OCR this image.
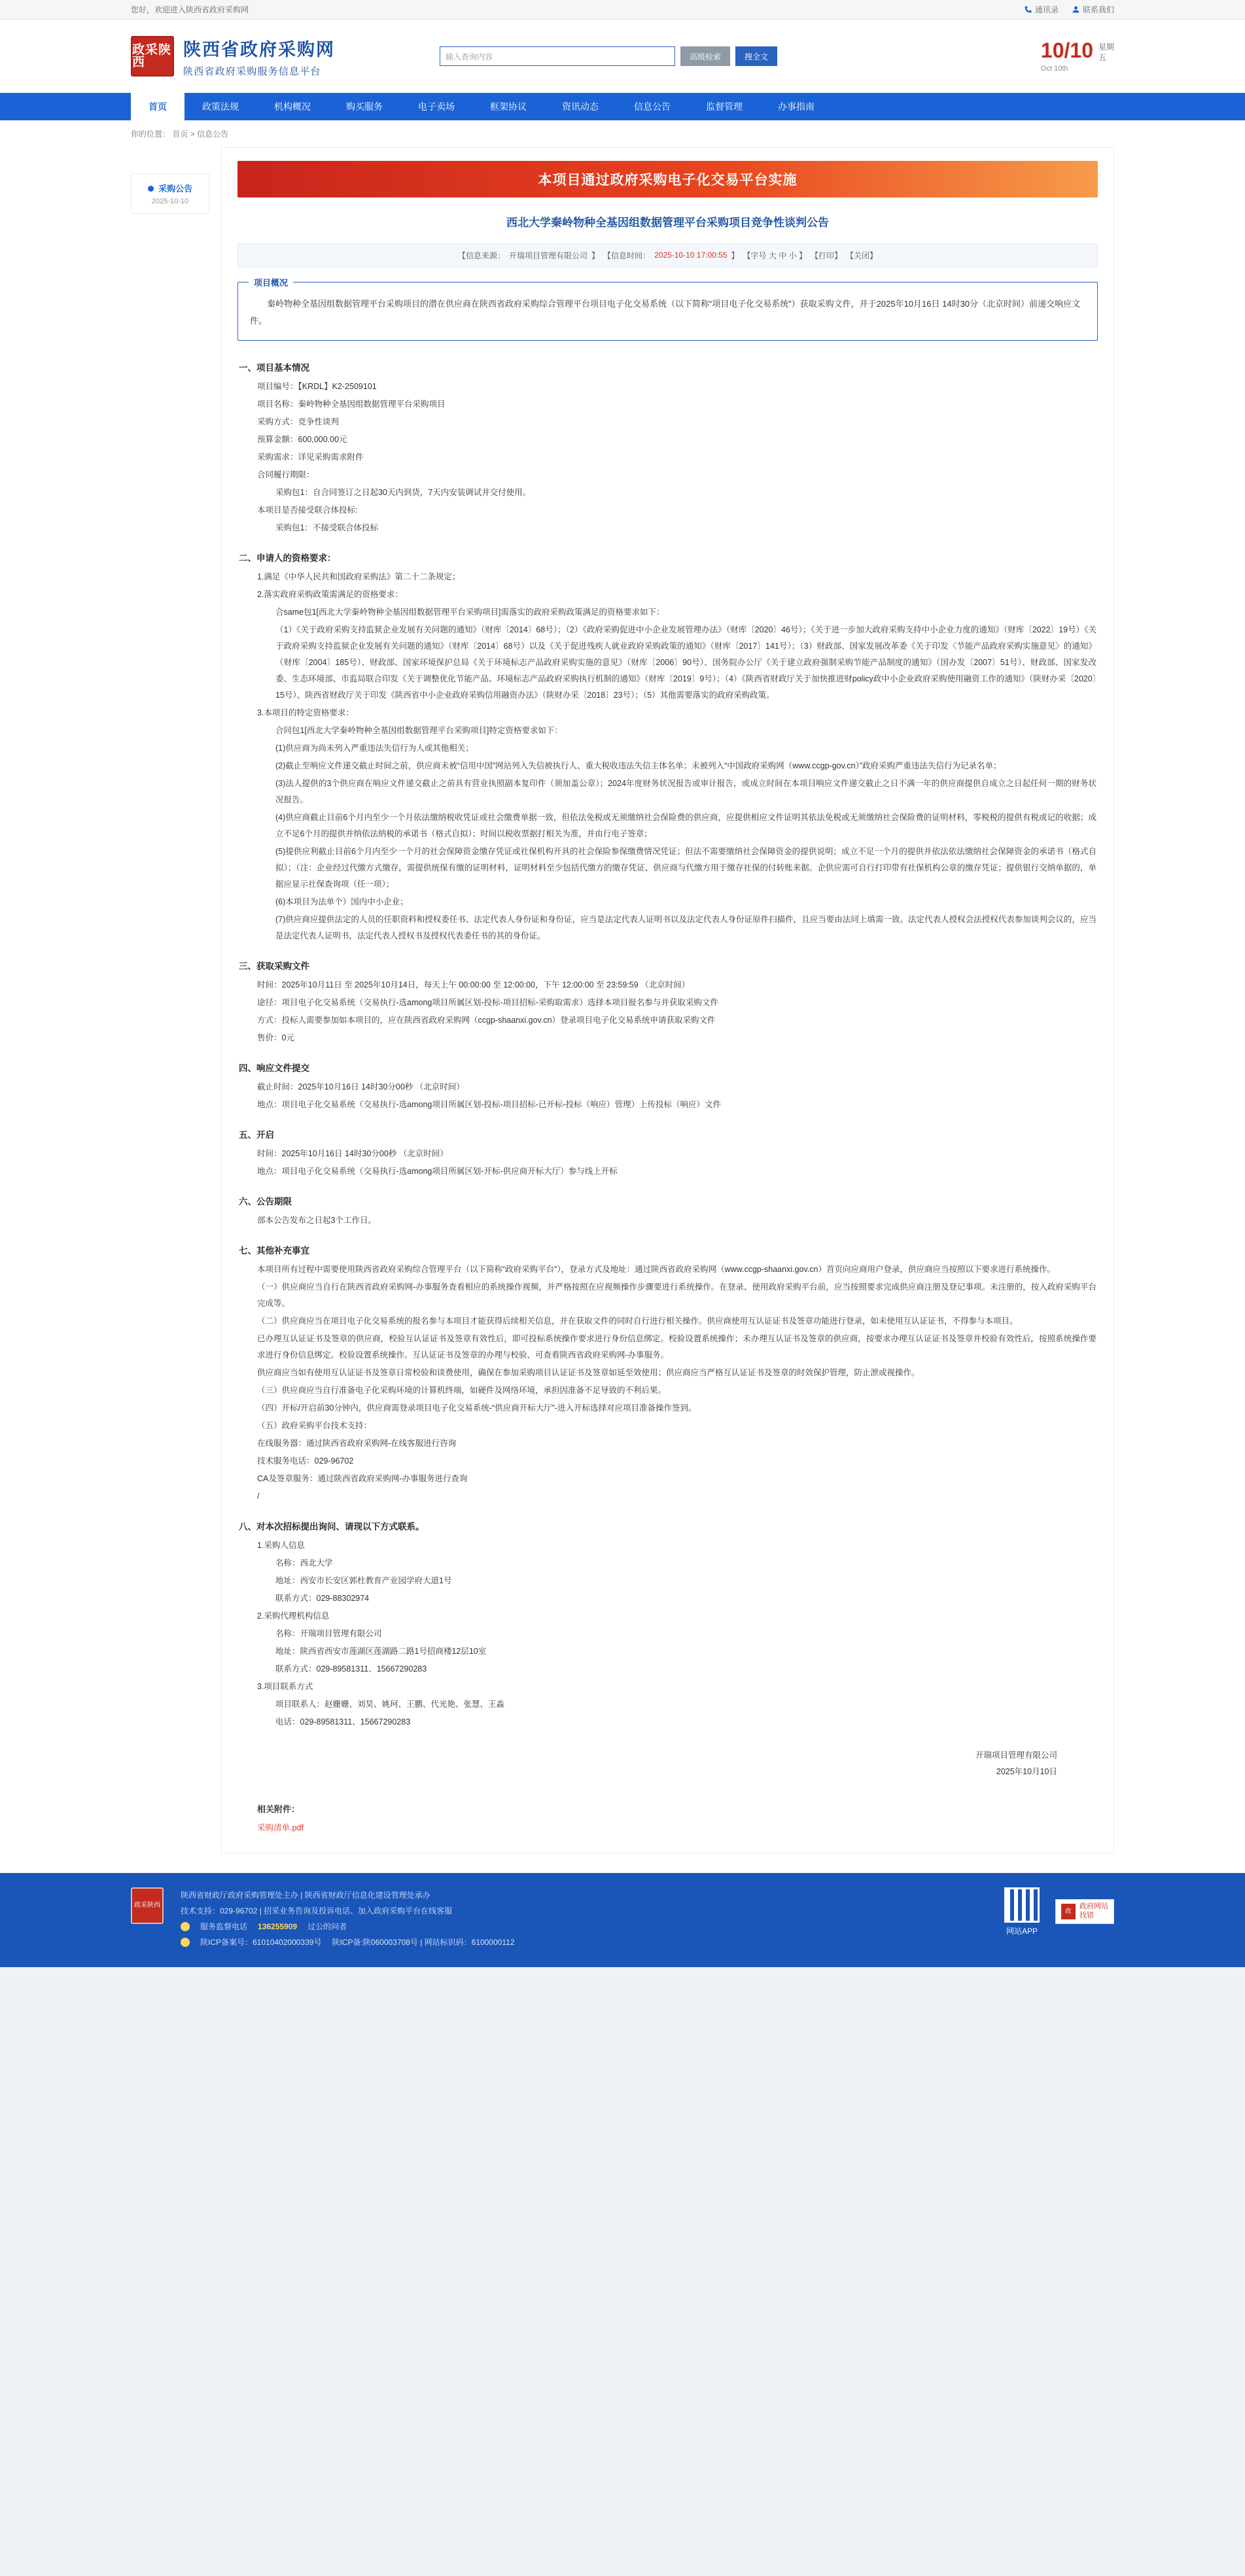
您好，欢迎进入陕西省政府采购网	通讯录	联系我们
政采陕西
陕西省政府采购网
陕西省政府采购服务信息平台
输入查询内容	高级检索	搜全文	10/10
Oct 10th
星期
五
首页	政策法规	机构概况	购买服务	电子卖场	框架协议	资讯动态	信息公告	监督管理	办事指南
你的位置： 首页 > 信息公告
采购公告
2025-10-10
本项目通过政府采购电子化交易平台实施
西北大学秦岭物种全基因组数据管理平台采购项目竞争性谈判公告
【信息来源： 开瑞项目管理有限公司 】 【信息时间： 2025-10-10 17:00:55 】 【字号 大 中 小 】 【打印】 【关闭】
项目概况

秦岭物种全基因组数据管理平台采购项目的潜在供应商在陕西省政府采购综合管理平台项目电子化交易系统（以下简称“项目电子化交易系统”）获取采购文件，并于2025年10月16日 14时30分（北京时间）前递交响应文件。

一、项目基本情况
项目编号：【KRDL】K2-2509101
项目名称：秦岭物种全基因组数据管理平台采购项目
采购方式：竞争性谈判
预算金额：600,000.00元
采购需求：详见采购需求附件
合同履行期限：
采购包1：自合同签订之日起30天内到货，7天内安装调试并交付使用。
本项目是否接受联合体投标:
采购包1：不接受联合体投标
二、申请人的资格要求：
1.满足《中华人民共和国政府采购法》第二十二条规定；
2.落实政府采购政策需满足的资格要求：
合same包1[西北大学秦岭物种全基因组数据管理平台采购项目]需落实的政府采购政策满足的资格要求如下：
（1）《关于政府采购支持监狱企业发展有关问题的通知》（财库〔2014〕68号）；（2）《政府采购促进中小企业发展管理办法》（财库〔2020〕46号）；《关于进一步加大政府采购支持中小企业力度的通知》（财库〔2022〕19号）《关于政府采购支持监狱企业发展有关问题的通知》（财库〔2014〕68号）以及《关于促进残疾人就业政府采购政策的通知》（财库〔2017〕141号）；（3）财政部、国家发展改革委《关于印发〈节能产品政府采购实施意见〉的通知》（财库〔2004〕185号）、财政部、国家环境保护总局《关于环境标志产品政府采购实施的意见》（财库〔2006〕90号）、国务院办公厅《关于建立政府强制采购节能产品制度的通知》（国办发〔2007〕51号）、财政部、国家发改委、生态环境部、市监局联合印发《关于调整优化节能产品、环境标志产品政府采购执行机制的通知》（财库〔2019〕9号）；（4）《陕西省财政厅关于加快推进财policy政中小企业政府采购使用融资工作的通知》（陕财办采〔2020〕15号）、陕西省财政厅关于印发《陕西省中小企业政府采购信用融资办法》（陕财办采〔2018〕23号）；（5）其他需要落实的政府采购政策。
3.本项目的特定资格要求：
合同包1[西北大学秦岭物种全基因组数据管理平台采购项目]特定资格要求如下：
(1)供应商为尚未列入严重违法失信行为人或其他相关；
(2)截止至响应文件递交截止时间之前，供应商未被“信用中国”网站列入失信被执行人、重大税收违法失信主体名单；未被列入“中国政府采购网（www.ccgp-gov.cn）”政府采购严重违法失信行为记录名单；
(3)法人提供的3个供应商在响应文件递交截止之前具有营业执照副本复印件（须加盖公章）；2024年度财务状况报告或审计报告，或成立时间在本项目响应文件递交截止之日不满一年的供应商提供自成立之日起任何一期的财务状况报告。
(4)供应商截止目前6个月内至少一个月依法缴纳税收凭证或社会缴费单据一致，但依法免税或无须缴纳社会保险费的供应商，应提供相应文件证明其依法免税或无须缴纳社会保险费的证明材料，零税税的提供有税或记的收据；成立不足6个月的提供并纳依法纳税的承诺书（格式自拟）；时间以税收票据打相关为准，并由行电子签章；
(5)提供应利截止目前6个月内至少一个月的社会保障资金缴存凭证或社保机构开具的社会保险参保缴费情况凭证；但法不需要缴纳社会保障资金的提供说明；成立不足一个月的提供并依法依法缴纳社会保障资金的承诺书（格式自拟）；（注：企业经过代缴方式缴存，需提供统保有缴的证明材料，证明材料至少包括代缴方的缴存凭证、供应商与代缴方用于缴存社保的付转账来据。企供应需可自行打印带有社保机构公章的缴存凭证；提供银行交纳单据的，单据应显示社保查询项（任一项）；
(6)本项目为法单个）国内中小企业；
(7)供应商应提供法定的人员的任职资料和授权委任书、法定代表人身份证和身份证，应当是法定代表人证明书以及法定代表人身份证原件扫描件，且应当要由法同上填需一致。法定代表人授权会法授权代表参加谈判会议的，应当是法定代表人证明书，法定代表人授权书及授权代表委任书的其的身份证。
三、获取采购文件
时间：2025年10月11日 至 2025年10月14日，每天上午 00:00:00 至 12:00:00，下午 12:00:00 至 23:59:59 （北京时间）
途径：项目电子化交易系统（交易执行-选among项目所属区划-投标-项目招标-采购取需求）选择本项目报名参与并获取采购文件
方式：投标人需要参加如本项目的，应在陕西省政府采购网（ccgp-shaanxi.gov.cn）登录项目电子化交易系统申请获取采购文件
售价：0元
四、响应文件提交
截止时间：2025年10月16日 14时30分00秒 （北京时间）
地点：项目电子化交易系统（交易执行-选among项目所属区划-投标-项目招标-已开标-投标（响应）管理）上传投标（响应）文件
五、开启
时间：2025年10月16日 14时30分00秒 （北京时间）
地点：项目电子化交易系统（交易执行-选among项目所属区划-开标-供应商开标大厅）参与线上开标
六、公告期限
部本公告发布之日起3个工作日。
七、其他补充事宜
本项目所有过程中需要使用陕西省政府采购综合管理平台（以下简称“政府采购平台”），登录方式及地址：通过陕西省政府采购网（www.ccgp-shaanxi.gov.cn）首页向应商用户登录，供应商应当按照以下要求进行系统操作。
（一）供应商应当自行在陕西省政府采购网-办事服务查看相应的系统操作视频，并严格按照在应视频操作步骤要进行系统操作。在登录、使用政府采购平台前，应当按照要求完成供应商注册及登记事项。未注册的，按入政府采购平台完成等。
（二）供应商应当在项目电子化交易系统的报名参与本项目才能获得后续相关信息，并在获取文件的同时自行进行相关操作。供应商使用互认证证书及签章功能进行登录，如未使用互认证证书，不得参与本项目。
已办理互认证证书及签章的供应商，校验互认证证书及签章有效性后，即可投标系统操作要求进行身份信息绑定。校验设置系统操作；未办理互认证书及签章的供应商，按要求办理互认证证书及签章并校验有效性后，按照系统操作要求进行身份信息绑定。校验设置系统操作。互认证证书及签章的办理与校验、可查看陕西省政府采购网-办事服务。
供应商应当如有使用互认证证书及签章日常校验和谈费使用，确保在参加采购项目认证证书及签章如延至效使用；供应商应当严格互认证证书及签章的时效保护管理，防止泄或视操作。
（三）供应商应当自行准备电子化采购环境的计算机终端，如硬件及网络环境，承担因准备不足导致的不利后果。
（四）开标/开启前30分钟内，供应商需登录项目电子化交易系统-“供应商开标大厅”-进入开标选择对应项目准备操作签到。
（五）政府采购平台技术支持：
在线服务器：通过陕西省政府采购网-在线客服进行咨询
技术服务电话：029-96702
CA及签章服务：通过陕西省政府采购网-办事服务进行查询
/
八、对本次招标提出询问、请现以下方式联系。
1.采购人信息
名称：西北大学
地址：西安市长安区郭杜教育产业园学府大道1号
联系方式：029-88302974
2.采购代理机构信息
名称：开瑞项目管理有限公司
地址：陕西省西安市莲湖区莲湖路二路1号招商楼12层10室
联系方式：029-89581311、15667290283
3.项目联系方式
项目联系人：赵姗姗、刘昊、姚珂、王鹏、代光艳、张慧、王淼
电话：029-89581311、15667290283
开瑞项目管理有限公司
2025年10月10日
相关附件：
采购清单.pdf
政采陕西
陕西省财政厅政府采购管理处主办 | 陕西省财政厅信息化建设管理处承办
技术支持：029-96702 | 招采业务咨询及投诉电话、加入政府采购平台在线客服
服务监督电话 136255909 过公的问者
陕ICP备案号：61010402000339号 陕ICP备:陕060003708号 | 网站标识码：6100000112
网站APP
政
政府网站
找错
